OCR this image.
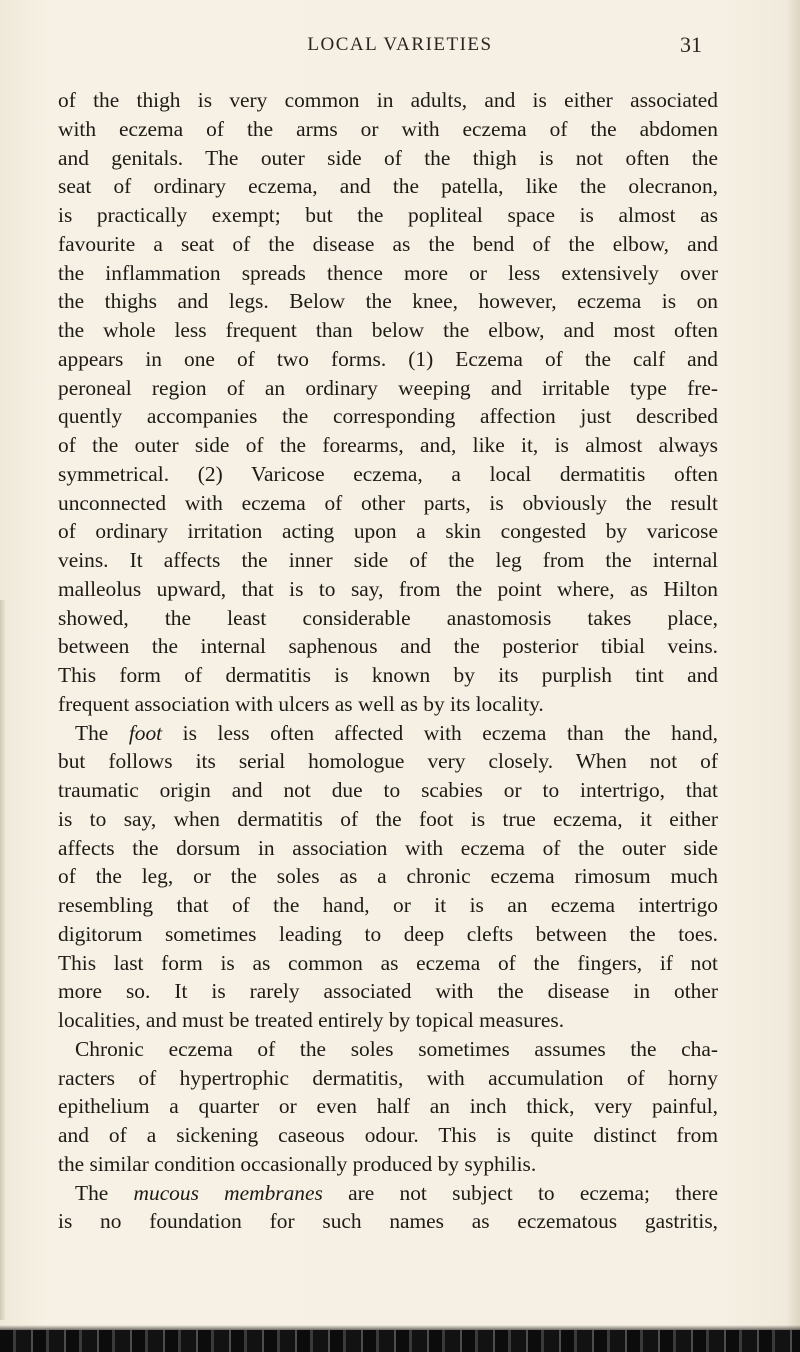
LOCAL VARIETIES	31
of the thigh is very common in adults, and is either associated
with eczema of the arms or with eczema of the abdomen
and genitals. The outer side of the thigh is not often the
seat of ordinary eczema, and the patella, like the olecranon,
is practically exempt; but the popliteal space is almost as
favourite a seat of the disease as the bend of the elbow, and
the inflammation spreads thence more or less extensively over
the thighs and legs. Below the knee, however, eczema is on
the whole less frequent than below the elbow, and most often
appears in one of two forms. (1) Eczema of the calf and
peroneal region of an ordinary weeping and irritable type fre-
quently accompanies the corresponding affection just described
of the outer side of the forearms, and, like it, is almost always
symmetrical. (2) Varicose eczema, a local dermatitis often
unconnected with eczema of other parts, is obviously the result
of ordinary irritation acting upon a skin congested by varicose
veins. It affects the inner side of the leg from the internal
malleolus upward, that is to say, from the point where, as Hilton
showed, the least considerable anastomosis takes place,
between the internal saphenous and the posterior tibial veins.
This form of dermatitis is known by its purplish tint and
frequent association with ulcers as well as by its locality.
The foot is less often affected with eczema than the hand,
but follows its serial homologue very closely. When not of
traumatic origin and not due to scabies or to intertrigo, that
is to say, when dermatitis of the foot is true eczema, it either
affects the dorsum in association with eczema of the outer side
of the leg, or the soles as a chronic eczema rimosum much
resembling that of the hand, or it is an eczema intertrigo
digitorum sometimes leading to deep clefts between the toes.
This last form is as common as eczema of the fingers, if not
more so. It is rarely associated with the disease in other
localities, and must be treated entirely by topical measures.
Chronic eczema of the soles sometimes assumes the cha-
racters of hypertrophic dermatitis, with accumulation of horny
epithelium a quarter or even half an inch thick, very painful,
and of a sickening caseous odour. This is quite distinct from
the similar condition occasionally produced by syphilis.
The mucous membranes are not subject to eczema; there
is no foundation for such names as eczematous gastritis,
